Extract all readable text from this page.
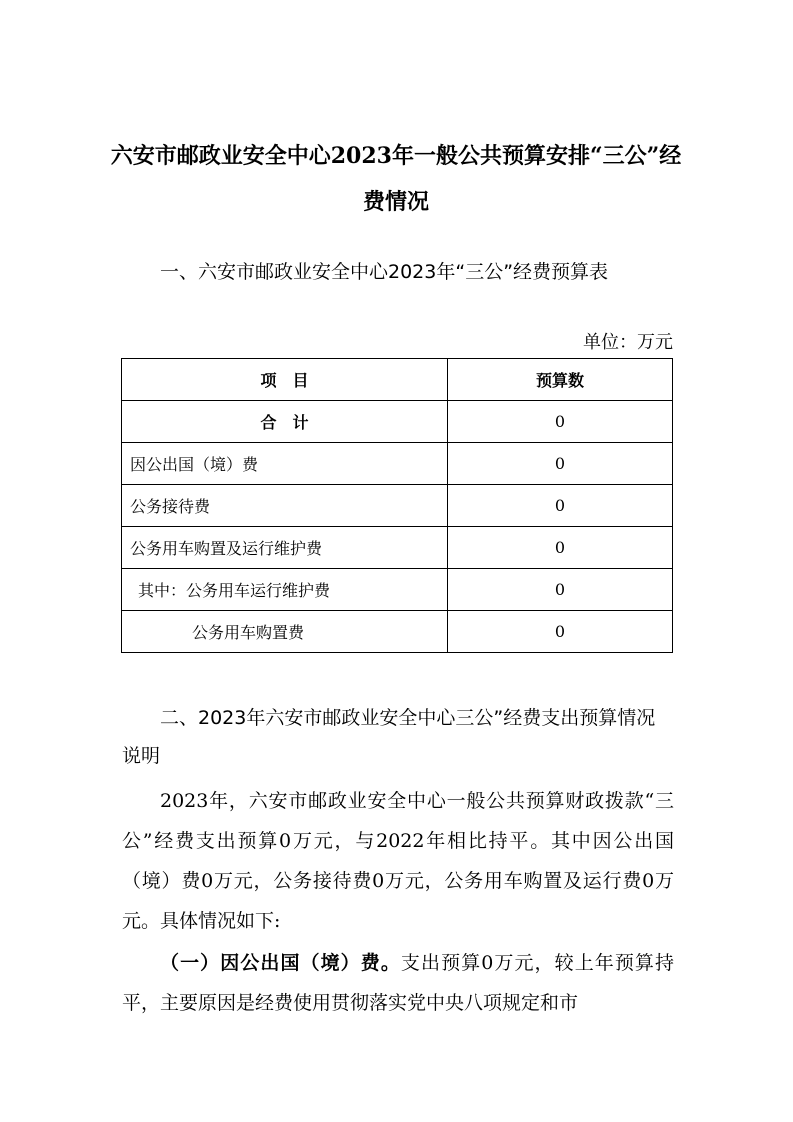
六安市邮政业安全中心2023年一般公共预算安排“三公”经费情况
一、六安市邮政业安全中心2023年“三公”经费预算表
单位：万元
项　目	预算数
合　计	0
因公出国（境）费	0
公务接待费	0
公务用车购置及运行维护费	0
其中：公务用车运行维护费	0
公务用车购置费	0
二、2023年六安市邮政业安全中心三公”经费支出预算情况说明
2023年，六安市邮政业安全中心一般公共预算财政拨款“三公”经费支出预算0万元，与2022年相比持平。其中因公出国（境）费0万元，公务接待费0万元，公务用车购置及运行费0万元。具体情况如下:
（一）因公出国（境）费。支出预算0万元，较上年预算持平，主要原因是经费使用贯彻落实党中央八项规定和市
